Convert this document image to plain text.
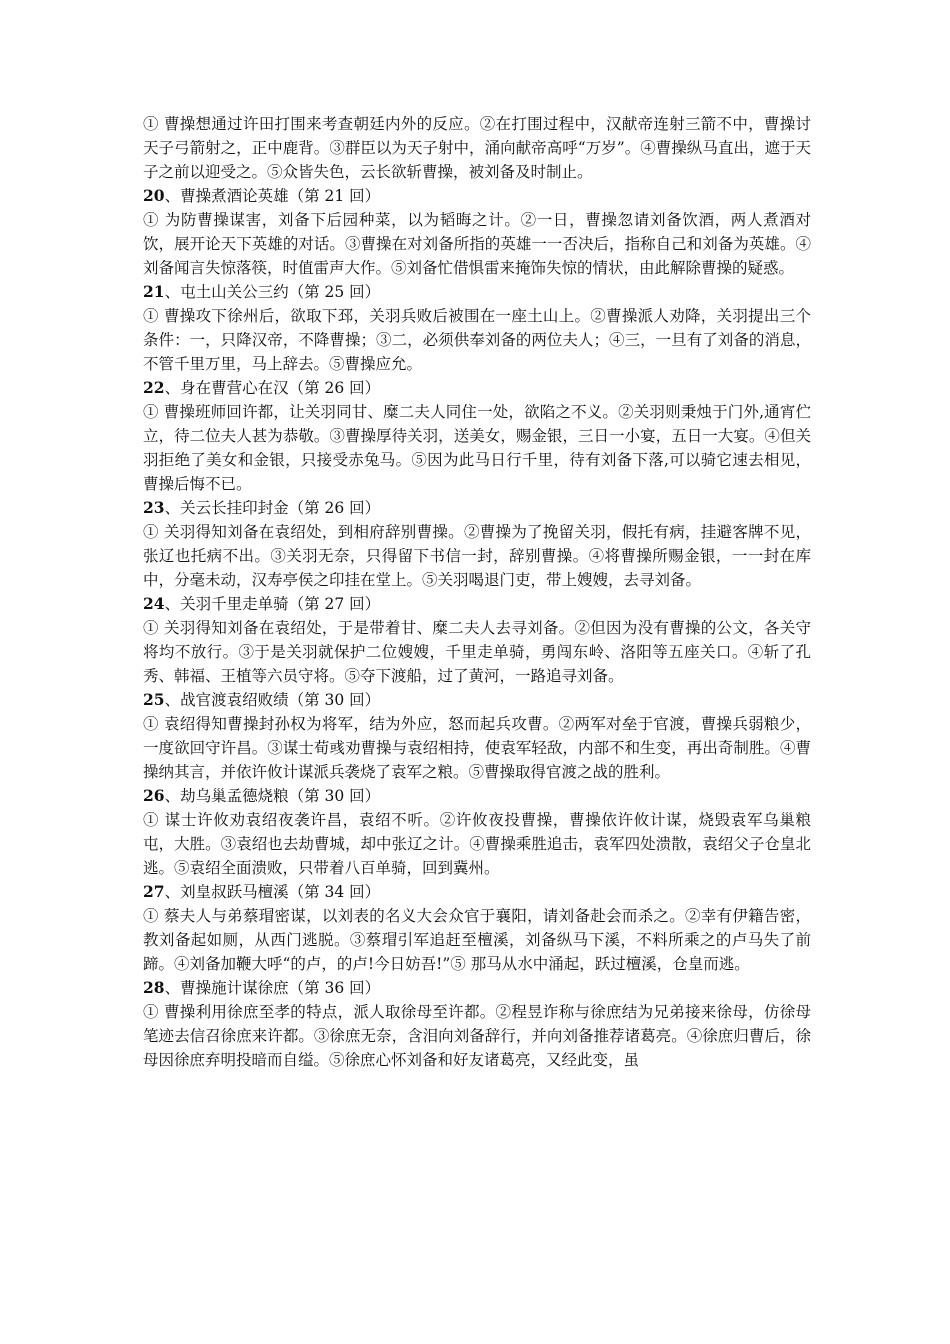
① 曹操想通过许田打围来考查朝廷内外的反应。②在打围过程中，汉献帝连射三箭不中，曹操讨天子弓箭射之，正中鹿背。③群臣以为天子射中，涌向献帝高呼“万岁”。④曹操纵马直出，遮于天子之前以迎受之。⑤众皆失色，云长欲斩曹操，被刘备及时制止。

20、曹操煮酒论英雄（第 21 回）

① 为防曹操谋害，刘备下后园种菜，以为韬晦之计。②一日，曹操忽请刘备饮酒，两人煮酒对饮，展开论天下英雄的对话。③曹操在对刘备所指的英雄一一否决后，指称自己和刘备为英雄。④刘备闻言失惊落筷，时值雷声大作。⑤刘备忙借惧雷来掩饰失惊的情状，由此解除曹操的疑惑。

21、屯土山关公三约（第 25 回）

① 曹操攻下徐州后，欲取下邳，关羽兵败后被围在一座土山上。②曹操派人劝降，关羽提出三个条件：一，只降汉帝，不降曹操；③二，必须供奉刘备的两位夫人；④三，一旦有了刘备的消息，不管千里万里，马上辞去。⑤曹操应允。

22、身在曹营心在汉（第 26 回）

① 曹操班师回许都，让关羽同甘、糜二夫人同住一处，欲陷之不义。②关羽则秉烛于门外,通宵伫立，待二位夫人甚为恭敬。③曹操厚待关羽，送美女，赐金银，三日一小宴，五日一大宴。④但关羽拒绝了美女和金银，只接受赤兔马。⑤因为此马日行千里，待有刘备下落,可以骑它速去相见，曹操后悔不已。

23、关云长挂印封金（第 26 回）

① 关羽得知刘备在袁绍处，到相府辞别曹操。②曹操为了挽留关羽，假托有病，挂避客牌不见，张辽也托病不出。③关羽无奈，只得留下书信一封，辞别曹操。④将曹操所赐金银，一一封在库中，分毫未动，汉寿亭侯之印挂在堂上。⑤关羽喝退门吏，带上嫂嫂，去寻刘备。

24、关羽千里走单骑（第 27 回）

① 关羽得知刘备在袁绍处，于是带着甘、糜二夫人去寻刘备。②但因为没有曹操的公文，各关守将均不放行。③于是关羽就保护二位嫂嫂，千里走单骑，勇闯东岭、洛阳等五座关口。④斩了孔秀、韩福、王植等六员守将。⑤夺下渡船，过了黄河，一路追寻刘备。

25、战官渡袁绍败绩（第 30 回）

① 袁绍得知曹操封孙权为将军，结为外应，怒而起兵攻曹。②两军对垒于官渡，曹操兵弱粮少，一度欲回守许昌。③谋士荀彧劝曹操与袁绍相持，使袁军轻敌，内部不和生变，再出奇制胜。④曹操纳其言，并依许攸计谋派兵袭烧了袁军之粮。⑤曹操取得官渡之战的胜利。

26、劫乌巢孟德烧粮（第 30 回）

① 谋士许攸劝袁绍夜袭许昌，袁绍不听。②许攸夜投曹操，曹操依许攸计谋，烧毁袁军乌巢粮屯，大胜。③袁绍也去劫曹城，却中张辽之计。④曹操乘胜追击，袁军四处溃散，袁绍父子仓皇北逃。⑤袁绍全面溃败，只带着八百单骑，回到冀州。

27、刘皇叔跃马檀溪（第 34 回）

① 蔡夫人与弟蔡瑁密谋，以刘表的名义大会众官于襄阳，请刘备赴会而杀之。②幸有伊籍告密，教刘备起如厕，从西门逃脱。③蔡瑁引军追赶至檀溪，刘备纵马下溪，不料所乘之的卢马失了前蹄。④刘备加鞭大呼“的卢，的卢!今日妨吾!”⑤ 那马从水中涌起，跃过檀溪，仓皇而逃。

28、曹操施计谋徐庶（第 36 回）

① 曹操利用徐庶至孝的特点，派人取徐母至许都。②程昱诈称与徐庶结为兄弟接来徐母，仿徐母笔迹去信召徐庶来许都。③徐庶无奈，含泪向刘备辞行，并向刘备推荐诸葛亮。④徐庶归曹后，徐母因徐庶弃明投暗而自缢。⑤徐庶心怀刘备和好友诸葛亮，又经此变，虽
